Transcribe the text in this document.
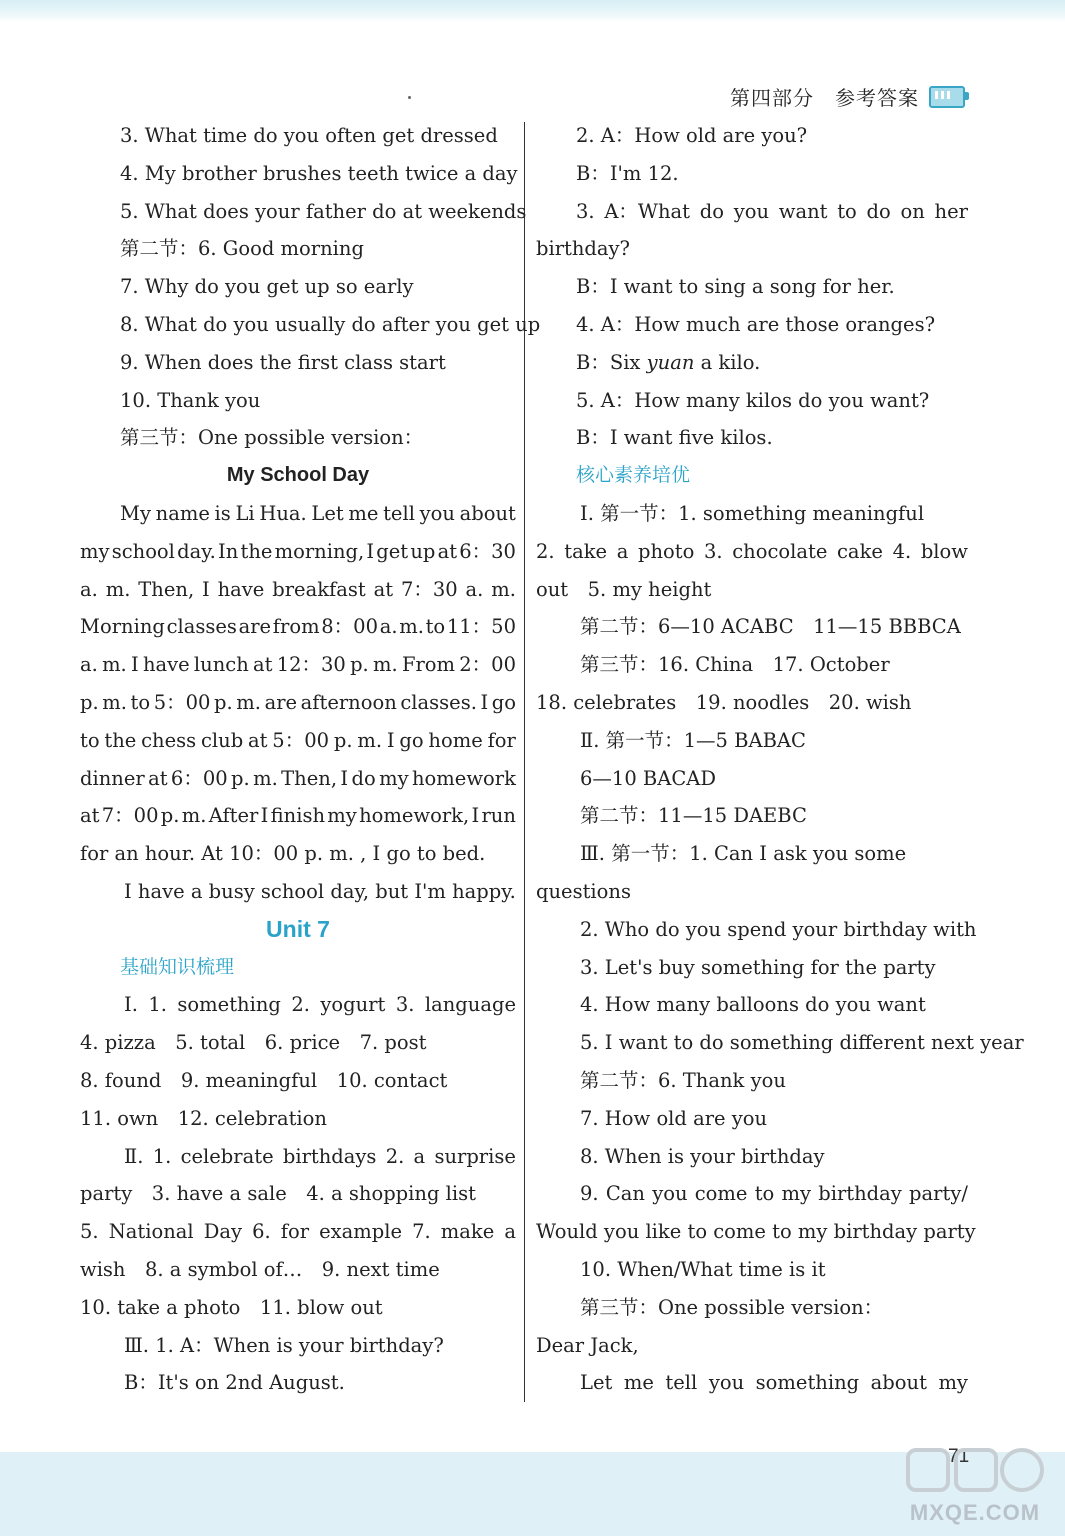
第四部分　参考答案
3. What time do you often get dressed
4. My brother brushes teeth twice a day
5. What does your father do at weekends
第二节：6. Good morning
7. Why do you get up so early
8. What do you usually do after you get up
9. When does the first class start
10. Thank you
第三节：One possible version：
My School Day
My name is Li Hua. Let me tell you about
my school day. In the morning, I get up at 6：30
a. m. Then, I have breakfast at 7：30 a. m.
Morning classes are from 8：00 a. m. to 11：50
a. m. I have lunch at 12：30 p. m. From 2：00
p. m. to 5：00 p. m. are afternoon classes. I go
to the chess club at 5：00 p. m. I go home for
dinner at 6：00 p. m. Then, I do my homework
at 7：00 p. m. After I finish my homework, I run
for an hour. At 10：00 p. m. , I go to bed.
I have a busy school day, but I'm happy.
Unit 7
基础知识梳理
Ⅰ. 1. something 2. yogurt 3. language
4. pizza　5. total　6. price　7. post
8. found　9. meaningful　10. contact
11. own　12. celebration
Ⅱ. 1. celebrate birthdays 2. a surprise
party　3. have a sale　4. a shopping list
5. National Day 6. for example 7. make a
wish　8. a symbol of…　9. next time
10. take a photo　11. blow out
Ⅲ. 1. A：When is your birthday?
B：It's on 2nd August.
2. A：How old are you?
B：I'm 12.
3. A：What do you want to do on her
birthday?
B：I want to sing a song for her.
4. A：How much are those oranges?
B：Six yuan a kilo.
5. A：How many kilos do you want?
B：I want five kilos.
核心素养培优
Ⅰ. 第一节：1. something meaningful
2. take a photo 3. chocolate cake 4. blow
out　5. my height
第二节：6—10 ACABC　11—15 BBBCA
第三节：16. China　17. October
18. celebrates　19. noodles　20. wish
Ⅱ. 第一节：1—5 BABAC
6—10 BACAD
第二节：11—15 DAEBC
Ⅲ. 第一节：1. Can I ask you some
questions
2. Who do you spend your birthday with
3. Let's buy something for the party
4. How many balloons do you want
5. I want to do something different next year
第二节：6. Thank you
7. How old are you
8. When is your birthday
9. Can you come to my birthday party/
Would you like to come to my birthday party
10. When/What time is it
第三节：One possible version：
Dear Jack,
Let me tell you something about my
71
MXQE.COM
